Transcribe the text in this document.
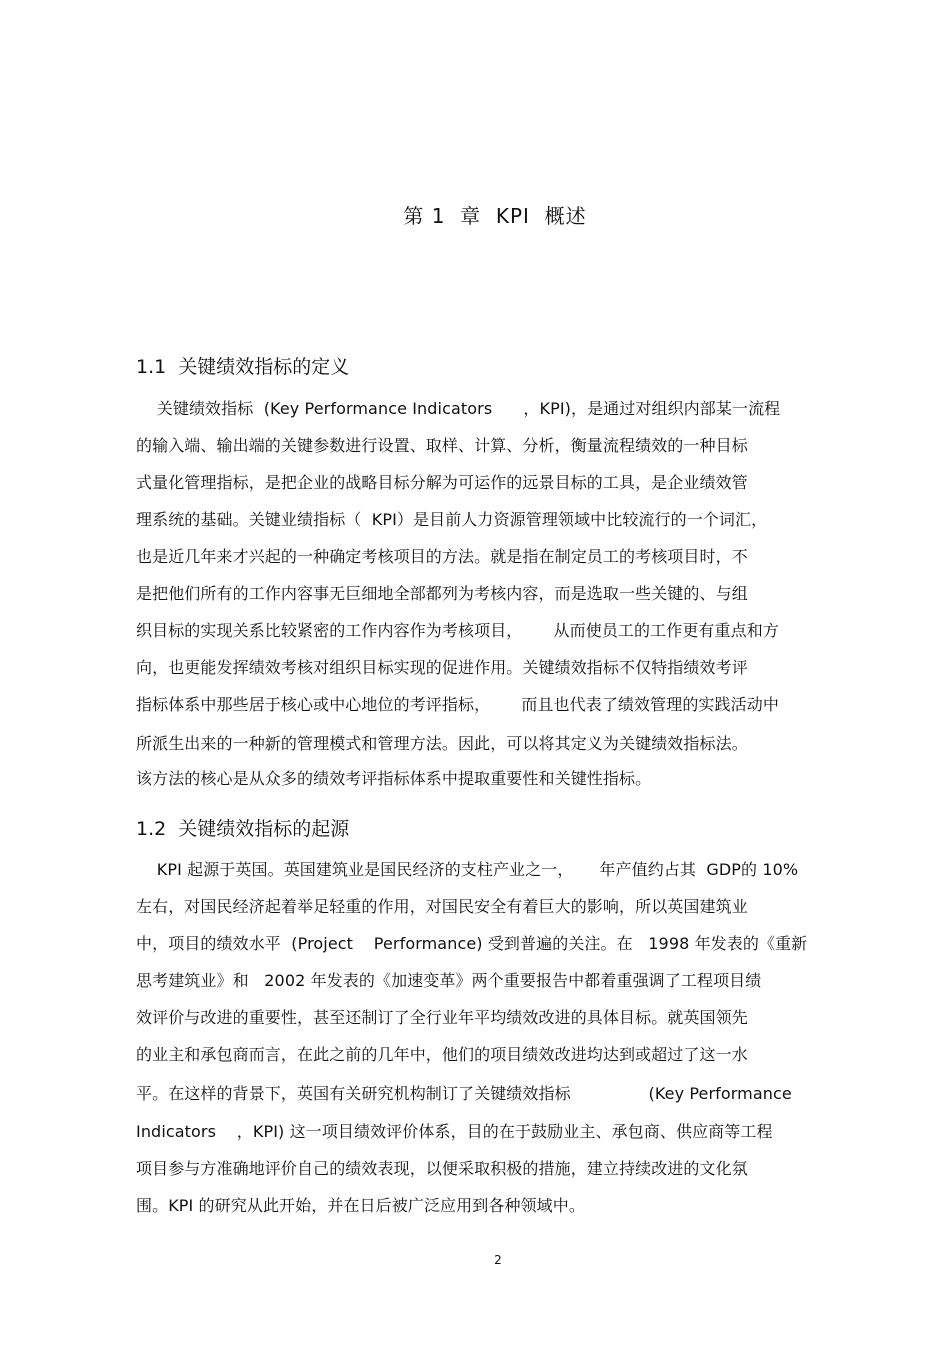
第 1  章  KPI  概述
1.1  关键绩效指标的定义
关键绩效指标  (Key Performance Indicators      ，KPI)，是通过对组织内部某一流程
的输入端、输出端的关键参数进行设置、取样、计算、分析，衡量流程绩效的一种目标
式量化管理指标，是把企业的战略目标分解为可运作的远景目标的工具，是企业绩效管
理系统的基础。关键业绩指标（  KPI）是目前人力资源管理领域中比较流行的一个词汇，
也是近几年来才兴起的一种确定考核项目的方法。就是指在制定员工的考核项目时，不
是把他们所有的工作内容事无巨细地全部都列为考核内容，而是选取一些关键的、与组
织目标的实现关系比较紧密的工作内容作为考核项目，      从而使员工的工作更有重点和方
向，也更能发挥绩效考核对组织目标实现的促进作用。关键绩效指标不仅特指绩效考评
指标体系中那些居于核心或中心地位的考评指标，      而且也代表了绩效管理的实践活动中
所派生出来的一种新的管理模式和管理方法。因此，可以将其定义为关键绩效指标法。
该方法的核心是从众多的绩效考评指标体系中提取重要性和关键性指标。
1.2  关键绩效指标的起源
KPI 起源于英国。英国建筑业是国民经济的支柱产业之一，     年产值约占其  GDP的 10%
左右，对国民经济起着举足轻重的作用，对国民安全有着巨大的影响，所以英国建筑业
中，项目的绩效水平  (Project    Performance) 受到普遍的关注。在   1998 年发表的《重新
思考建筑业》和   2002 年发表的《加速变革》两个重要报告中都着重强调了工程项目绩
效评价与改进的重要性，甚至还制订了全行业年平均绩效改进的具体目标。就英国领先
的业主和承包商而言，在此之前的几年中，他们的项目绩效改进均达到或超过了这一水
平。在这样的背景下，英国有关研究机构制订了关键绩效指标               (Key Performance
Indicators    ，KPI) 这一项目绩效评价体系，目的在于鼓励业主、承包商、供应商等工程
项目参与方准确地评价自己的绩效表现，以便采取积极的措施，建立持续改进的文化氛
围。KPI 的研究从此开始，并在日后被广泛应用到各种领域中。
2
